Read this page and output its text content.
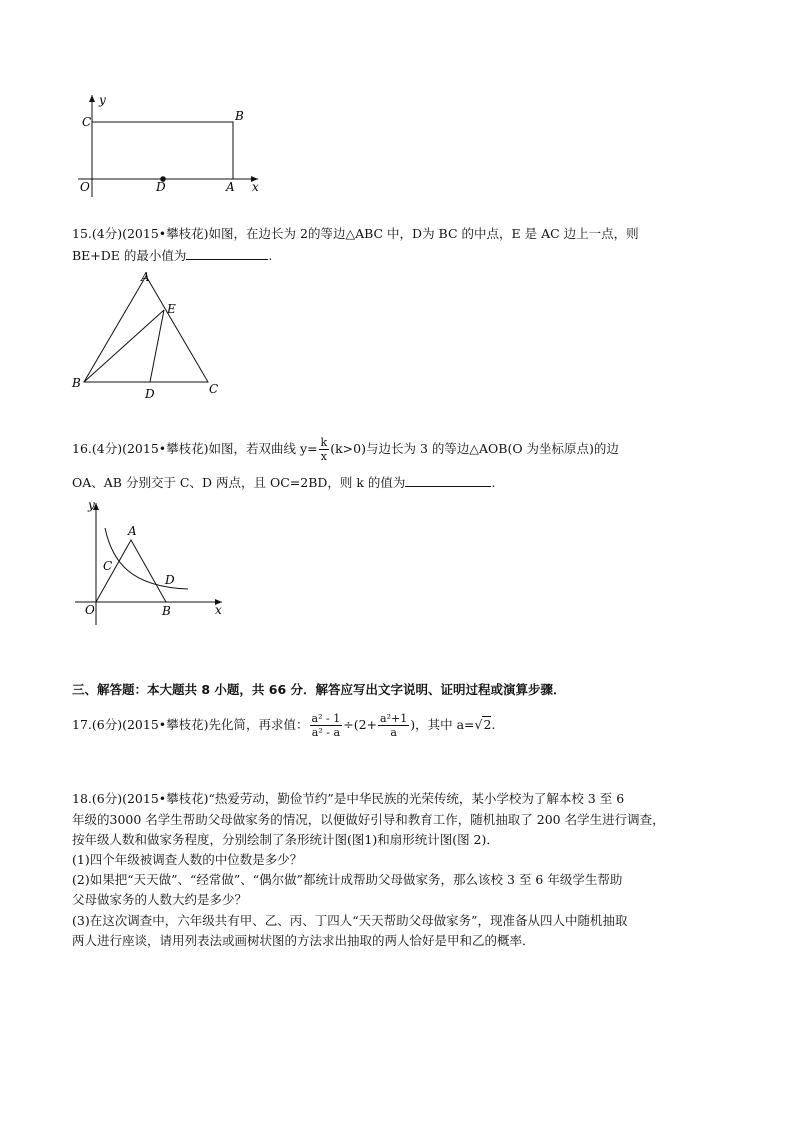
y
C	B
O	D	A x
15.(4分)(2015•攀枝花)如图，在边长为 2的等边△ABC 中，D为 BC 的中点，E 是 AC 边上一点，则
BE+DE 的最小值为	.
A
E
B
D	C
16.(4分)(2015•攀枝花)如图，若双曲线 $y= \frac{k}{x} (k>0)$与边长为 3 的等边△AOB(O 为坐标原点)的边
OA、AB 分别交于 C、D 两点，且 OC=2BD，则 k 的值为	.
y
A
C
D
O	B	x
三、解答题：本大题共 8 小题，共 66 分．解答应写出文字说明、证明过程或演算步骤．
17.(6分)(2015•攀枝花)先化简，再求值： $\frac{\text{a² - 1}}{\text{a² - a}} \div(2+ \frac{\text{a²+1}}{a}$ )，其中 a=√2.
18.(6分)(2015•攀枝花)“热爱劳动，勤俭节约”是中华民族的光荣传统，某小学校为了解本校 3 至 6
年级的3000 名学生帮助父母做家务的情况，以便做好引导和教育工作，随机抽取了 200 名学生进行调查，
按年级人数和做家务程度，分别绘制了条形统计图(图1)和扇形统计图(图 2)．
(1)四个年级被调查人数的中位数是多少？
(2)如果把“天天做”、“经常做”、“偶尔做”都统计成帮助父母做家务，那么该校 3 至 6 年级学生帮助
父母做家务的人数大约是多少？
(3)在这次调查中，六年级共有甲、乙、丙、丁四人“天天帮助父母做家务”，现准备从四人中随机抽取
两人进行座谈，请用列表法或画树状图的方法求出抽取的两人恰好是甲和乙的概率．
